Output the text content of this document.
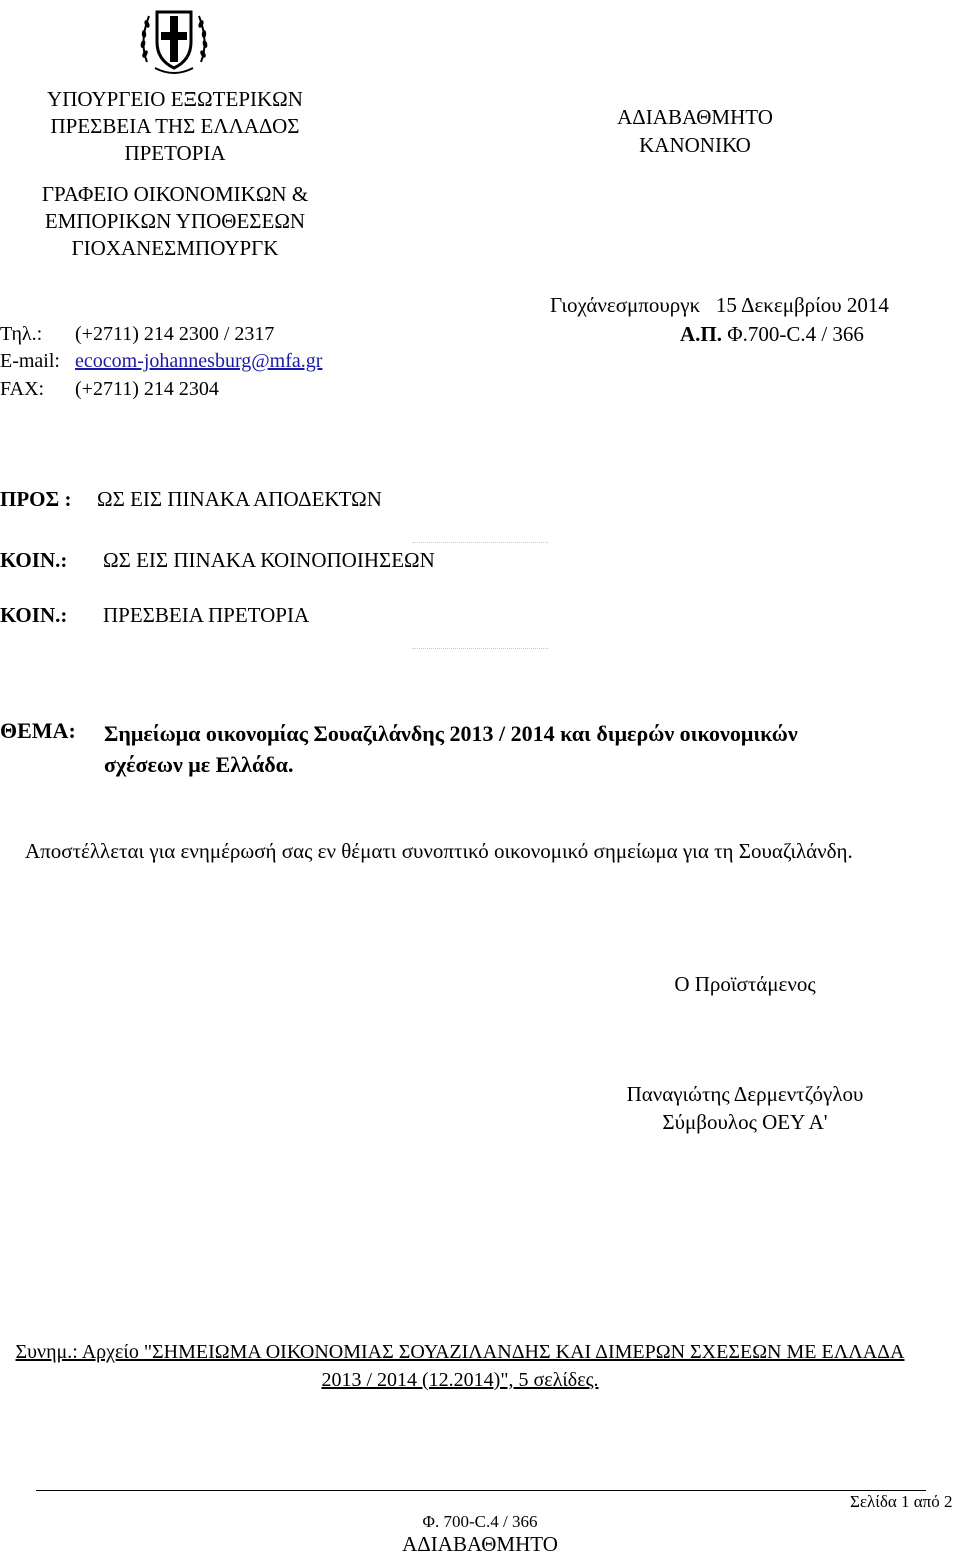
ΥΠΟΥΡΓΕΙΟ ΕΞΩΤΕΡΙΚΩΝ
ΠΡΕΣΒΕΙΑ ΤΗΣ ΕΛΛΑΔΟΣ
ΠΡΕΤΟΡΙΑ
ΓΡΑΦΕΙΟ ΟΙΚΟΝΟΜΙΚΩΝ &
ΕΜΠΟΡΙΚΩΝ ΥΠΟΘΕΣΕΩΝ
ΓΙΟΧΑΝΕΣΜΠΟΥΡΓΚ
ΑΔΙΑΒΑΘΜΗΤΟ
ΚΑΝΟΝΙΚΟ
Γιοχάνεσμπουργκ   15 Δεκεμβρίου 2014
Α.Π. Φ.700-C.4 / 366
Τηλ.: (+2711) 214 2300 / 2317
E-mail: ecocom-johannesburg@mfa.gr
FAX: (+2711) 214 2304
ΠΡΟΣ : ΩΣ ΕΙΣ ΠΙΝΑΚΑ ΑΠΟΔΕΚΤΩΝ
ΚΟΙΝ.: ΩΣ ΕΙΣ ΠΙΝΑΚΑ ΚΟΙΝΟΠΟΙΗΣΕΩΝ
ΚΟΙΝ.: ΠΡΕΣΒΕΙΑ ΠΡΕΤΟΡΙΑ
ΘΕΜΑ: Σημείωμα οικονομίας Σουαζιλάνδης 2013 / 2014 και διμερών οικονομικών σχέσεων με Ελλάδα.
Αποστέλλεται για ενημέρωσή σας εν θέματι συνοπτικό οικονομικό σημείωμα για τη Σουαζιλάνδη.
Ο Προϊστάμενος
Παναγιώτης Δερμεντζόγλου
Σύμβουλος ΟΕΥ Α'
Συνημ.: Αρχείο "ΣΗΜΕΙΩΜΑ ΟΙΚΟΝΟΜΙΑΣ ΣΟΥΑΖΙΛΑΝΔΗΣ ΚΑΙ ΔΙΜΕΡΩΝ ΣΧΕΣΕΩΝ ΜΕ ΕΛΛΑΔΑ 2013 / 2014 (12.2014)", 5 σελίδες.
Σελίδα 1 από 2
Φ. 700-C.4 / 366
ΑΔΙΑΒΑΘΜΗΤΟ
